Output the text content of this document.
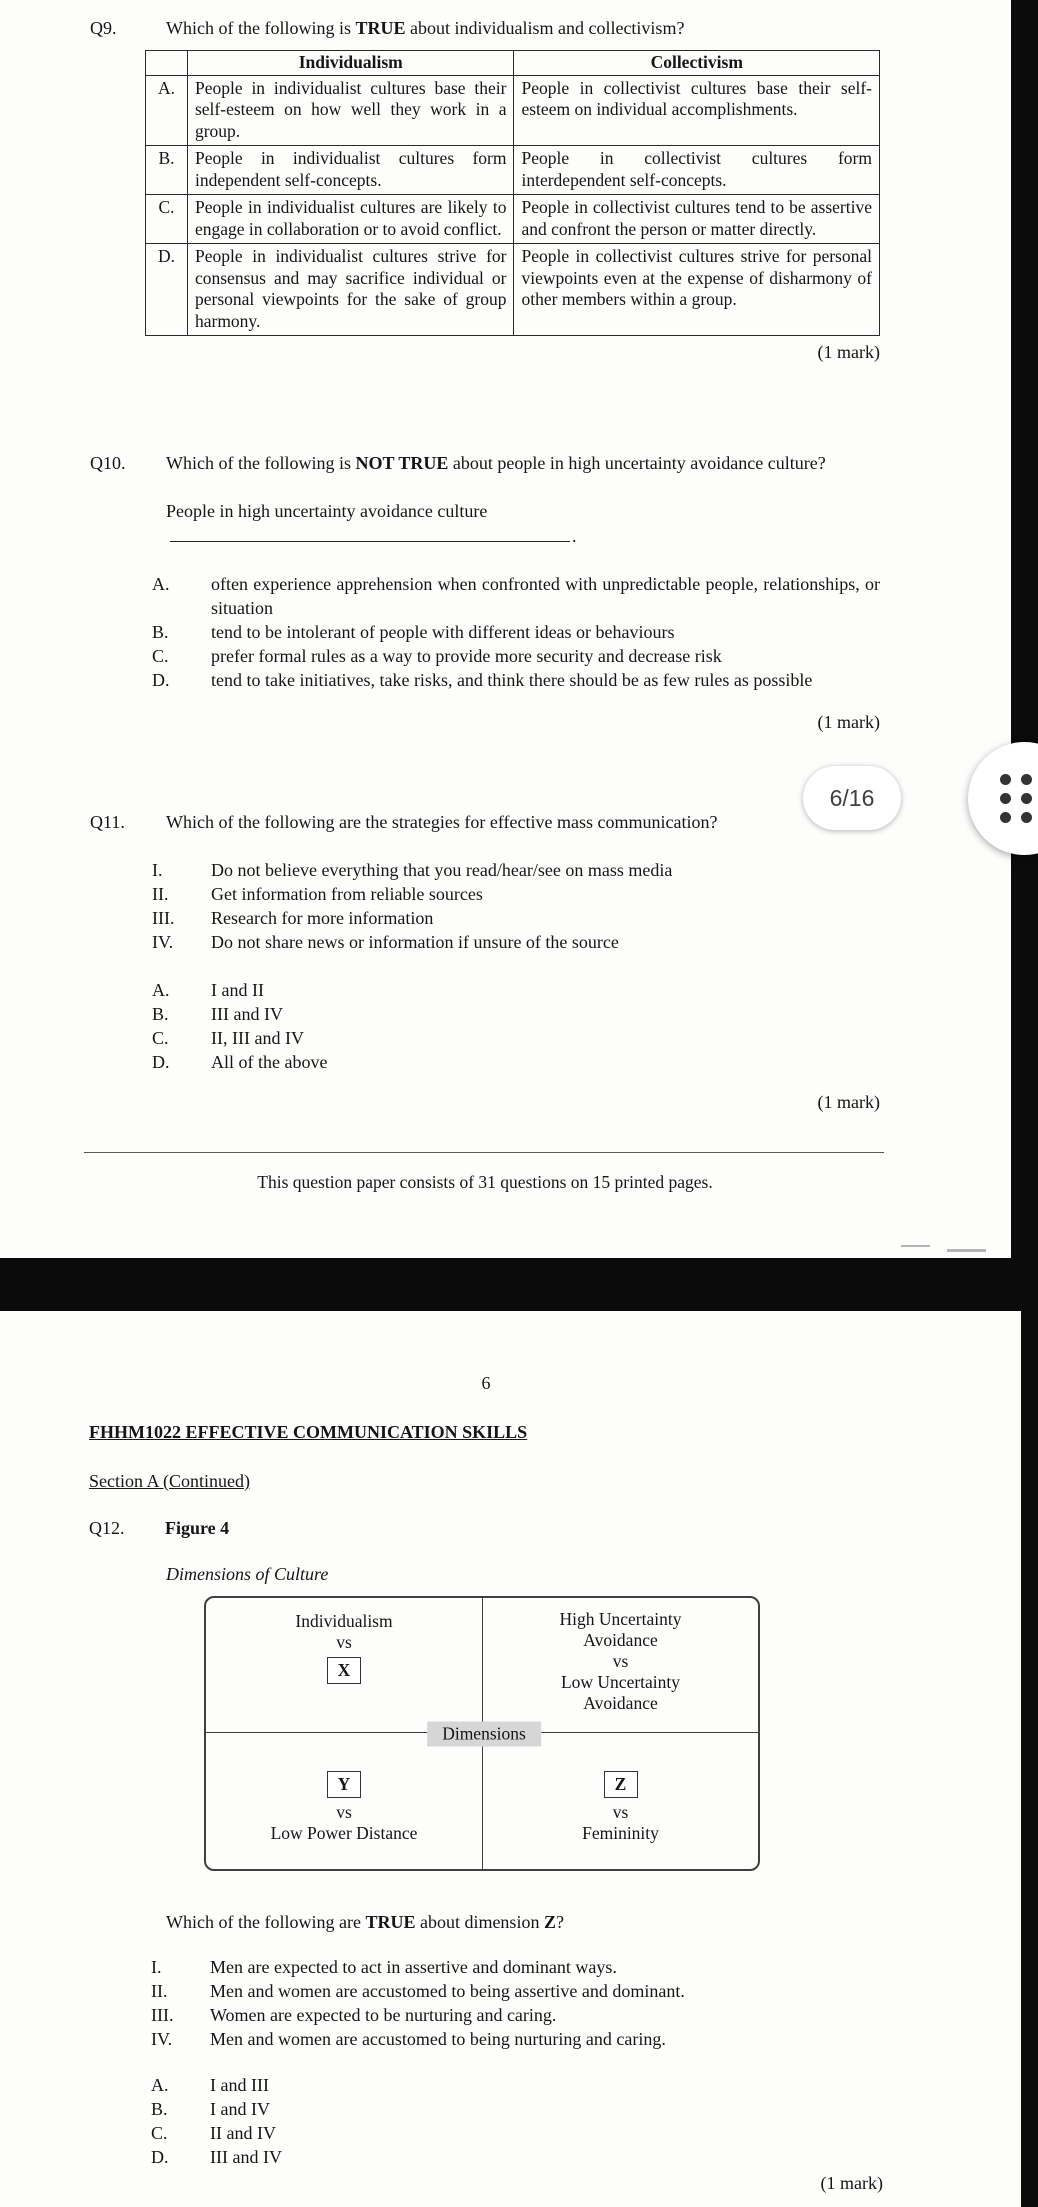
Q9.	Which of the following is TRUE about individualism and collectivism?
	Individualism	Collectivism
A.	People in individualist cultures base their self-esteem on how well they work in a group.	People in collectivist cultures base their self-esteem on individual accomplishments.
B.	People in individualist cultures form independent self-concepts.	People in collectivist cultures form interdependent self-concepts.
C.	People in individualist cultures are likely to engage in collaboration or to avoid conflict.	People in collectivist cultures tend to be assertive and confront the person or matter directly.
D.	People in individualist cultures strive for consensus and may sacrifice individual or personal viewpoints for the sake of group harmony.	People in collectivist cultures strive for personal viewpoints even at the expense of disharmony of other members within a group.
(1 mark)
Q10.	Which of the following is NOT TRUE about people in high uncertainty avoidance culture?
People in high uncertainty avoidance culture.
A.	often experience apprehension when confronted with unpredictable people, relationships, or situation
B.	tend to be intolerant of people with different ideas or behaviours
C.	prefer formal rules as a way to provide more security and decrease risk
D.	tend to take initiatives, take risks, and think there should be as few rules as possible
(1 mark)
Q11.	Which of the following are the strategies for effective mass communication?
I.	Do not believe everything that you read/hear/see on mass media
II.	Get information from reliable sources
III.	Research for more information
IV.	Do not share news or information if unsure of the source
A.	I and II
B.	III and IV
C.	II, III and IV
D.	All of the above
(1 mark)
This question paper consists of 31 questions on 15 printed pages.
6
FHHM1022 EFFECTIVE COMMUNICATION SKILLS
Section A (Continued)
Q12.	Figure 4
Dimensions of Culture
Individualism
vs
X
High Uncertainty
Avoidance
vs
Low Uncertainty
Avoidance
Y
vs
Low Power Distance
Z
vs
Femininity
Dimensions
Which of the following are TRUE about dimension Z?
I.	Men are expected to act in assertive and dominant ways.
II.	Men and women are accustomed to being assertive and dominant.
III.	Women are expected to be nurturing and caring.
IV.	Men and women are accustomed to being nurturing and caring.
A.	I and III
B.	I and IV
C.	II and IV
D.	III and IV
(1 mark)
6/16
